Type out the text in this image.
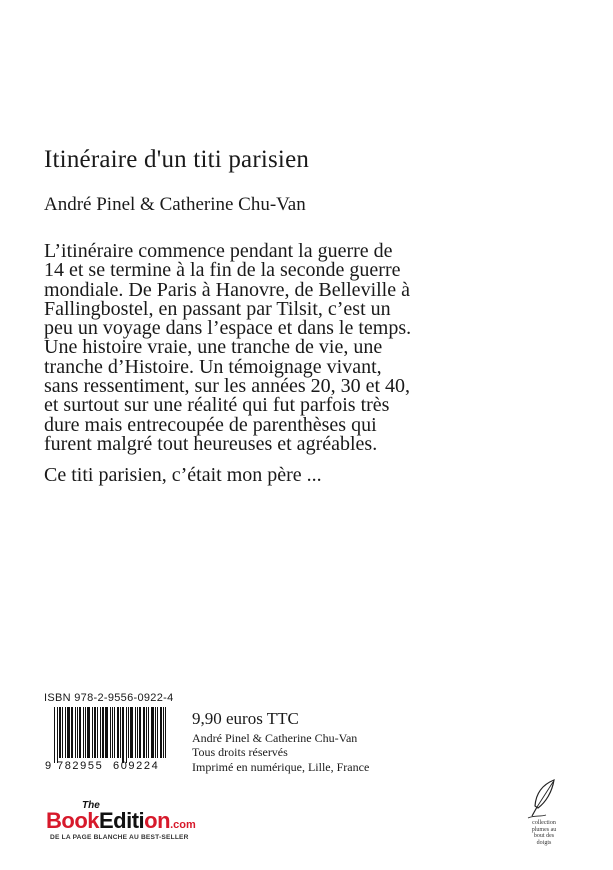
Itinéraire d'un titi parisien

André Pinel & Catherine Chu-Van

L’itinéraire commence pendant la guerre de
14 et se termine à la fin de la seconde guerre
mondiale. De Paris à Hanovre, de Belleville à
Fallingbostel, en passant par Tilsit, c’est un
peu un voyage dans l’espace et dans le temps.
Une histoire vraie, une tranche de vie, une
tranche d’Histoire. Un témoignage vivant,
sans ressentiment, sur les années 20, 30 et 40,
et surtout sur une réalité qui fut parfois très
dure mais entrecoupée de parenthèses qui
furent malgré tout heureuses et agréables.

Ce titi parisien, c’était mon père ...

ISBN 978-2-9556-0922-4
9 782955 609224
9,90 euros TTC
André Pinel & Catherine Chu-Van
Tous droits réservés
Imprimé en numérique, Lille, France
The
BookEdition.com
DE LA PAGE BLANCHE AU BEST-SELLER
collection
plumes au
bout des
doigts
